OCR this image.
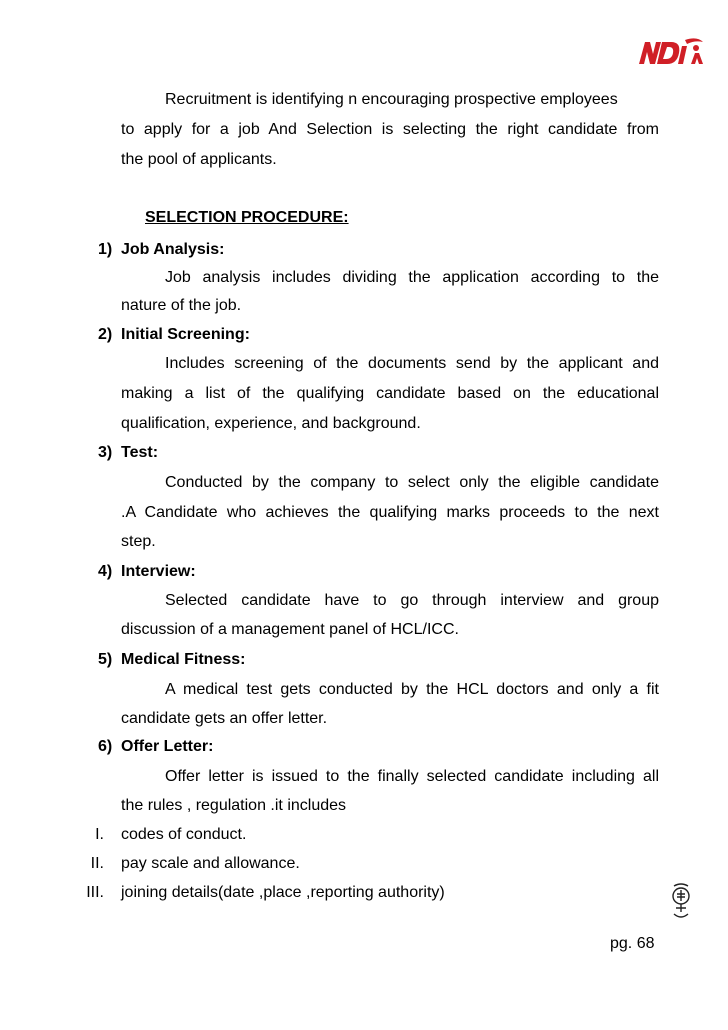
Recruitment is identifying n encouraging prospective employees
to apply for a job And Selection is selecting the right candidate from
the pool of applicants.
SELECTION PROCEDURE:
1) Job Analysis:
Job analysis includes dividing the application according to the
nature of the job.
2) Initial Screening:
Includes screening of the documents send by the applicant and
making a list of the qualifying candidate based on the educational
qualification, experience, and background.
3) Test:
Conducted by the company to select only the eligible candidate
.A Candidate who achieves the qualifying marks proceeds to the next
step.
4) Interview:
Selected candidate have to go through interview and group
discussion of a management panel of HCL/ICC.
5) Medical Fitness:
A medical test gets conducted by the HCL doctors and only a fit
candidate gets an offer letter.
6) Offer Letter:
Offer letter is issued to the finally selected candidate including all
the rules , regulation .it includes
I. codes of conduct.
II. pay scale and allowance.
III. joining details(date ,place ,reporting authority)
pg. 68
